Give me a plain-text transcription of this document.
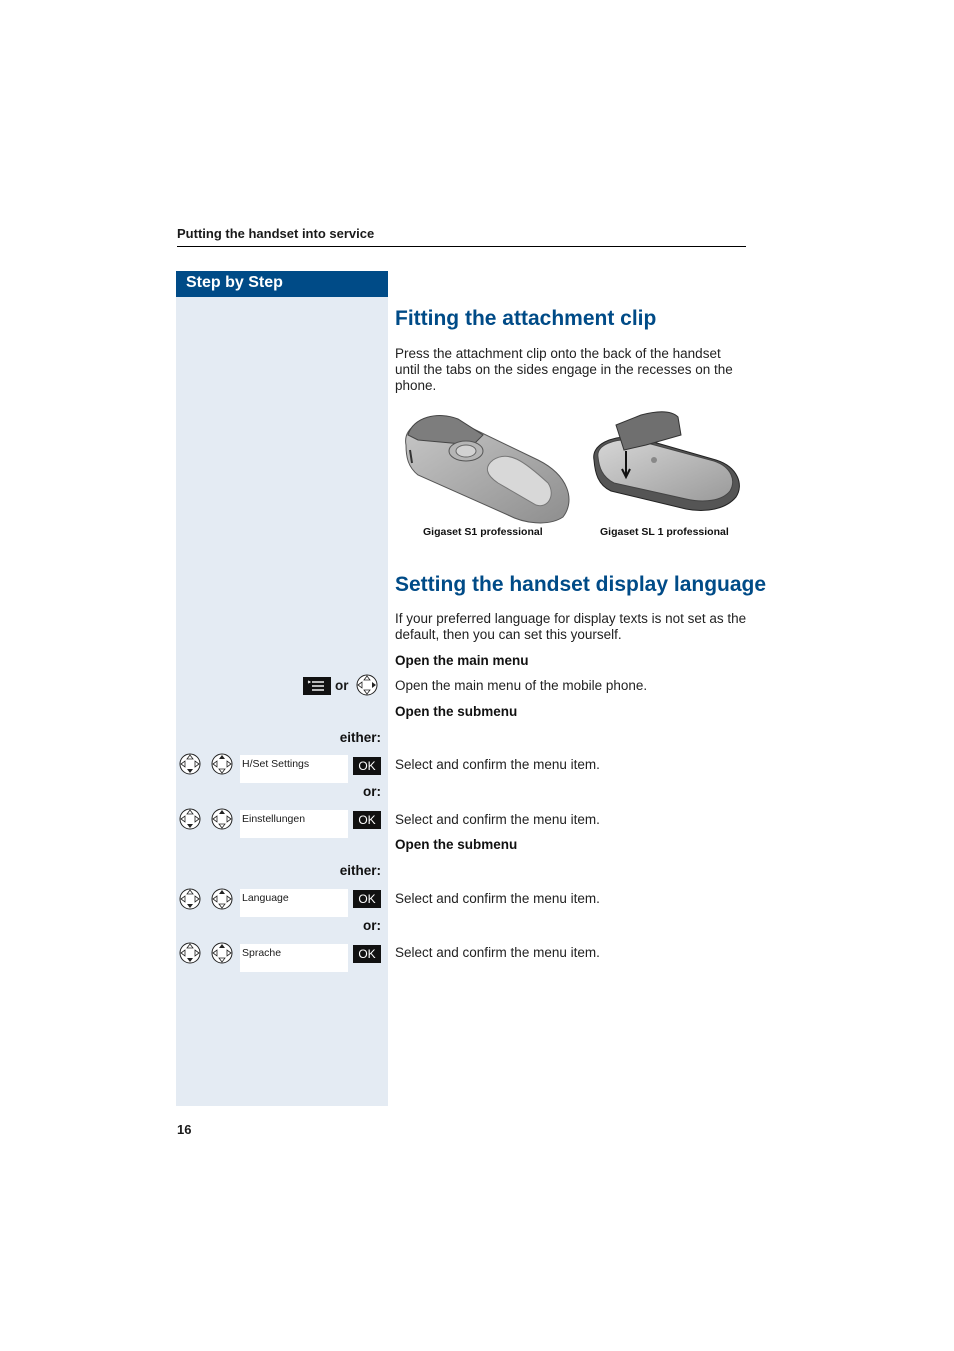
Putting the handset into service
Step by Step
Fitting the attachment clip
Press the attachment clip onto the back of the handset until the tabs on the sides engage in the recesses on the phone.
Gigaset S1 professional	Gigaset SL 1 professional
Setting the handset display language
If your preferred language for display texts is not set as the default, then you can set this yourself.
Open the main menu
or	Open the main menu of the mobile phone.
Open the submenu
either:
H/Set Settings	OK	Select and confirm the menu item.
or:
Einstellungen	OK	Select and confirm the menu item.
Open the submenu
either:
Language	OK	Select and confirm the menu item.
or:
Sprache	OK	Select and confirm the menu item.
16
